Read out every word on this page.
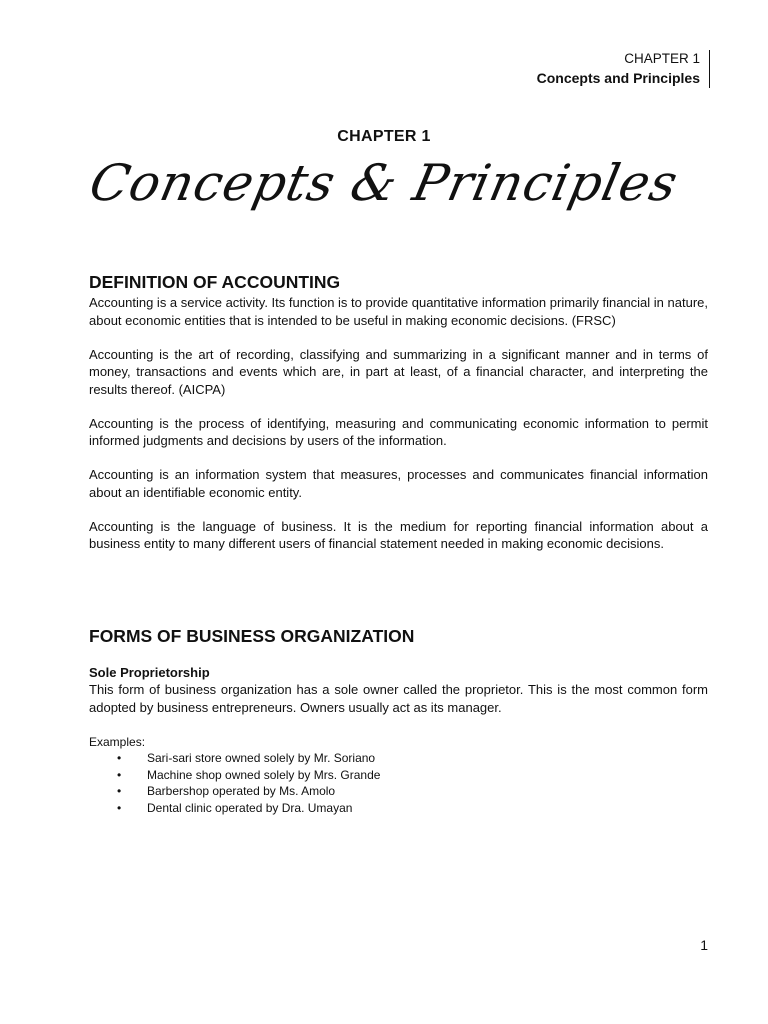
CHAPTER 1
Concepts and Principles
CHAPTER 1
Concepts & Principles
DEFINITION OF ACCOUNTING

Accounting is a service activity. Its function is to provide quantitative information primarily financial in nature, about economic entities that is intended to be useful in making economic decisions. (FRSC)

Accounting is the art of recording, classifying and summarizing in a significant manner and in terms of money, transactions and events which are, in part at least, of a financial character, and interpreting the results thereof. (AICPA)

Accounting is the process of identifying, measuring and communicating economic information to permit informed judgments and decisions by users of the information.

Accounting is an information system that measures, processes and communicates financial information about an identifiable economic entity.

Accounting is the language of business. It is the medium for reporting financial information about a business entity to many different users of financial statement needed in making economic decisions.

FORMS OF BUSINESS ORGANIZATION
Sole Proprietorship

This form of business organization has a sole owner called the proprietor. This is the most common form adopted by business entrepreneurs. Owners usually act as its manager.

Examples:
• Sari-sari store owned solely by Mr. Soriano
• Machine shop owned solely by Mrs. Grande
• Barbershop operated by Ms. Amolo
• Dental clinic operated by Dra. Umayan
1
